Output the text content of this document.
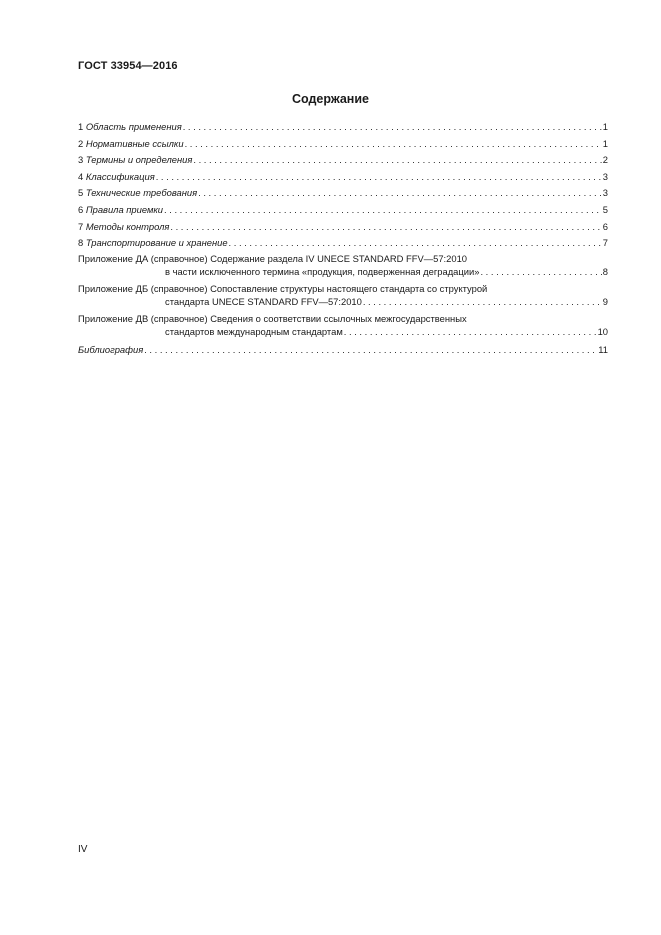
ГОСТ 33954—2016
Содержание
1 Область применения . . .	1
2 Нормативные ссылки . . .	1
3 Термины и определения . . .	2
4 Классификация . . .	3
5 Технические требования . . .	3
6 Правила приемки . . .	5
7 Методы контроля . . .	6
8 Транспортирование и хранение . . .	7
Приложение ДА (справочное) Содержание раздела IV UNECE STANDARD FFV—57:2010
в части исключенного термина «продукция, подверженная деградации» . . .	8
Приложение ДБ (справочное) Сопоставление структуры настоящего стандарта со структурой
стандарта UNECE STANDARD FFV—57:2010 . . .	9
Приложение ДВ (справочное) Сведения о соответствии ссылочных межгосударственных
стандартов международным стандартам . . .	10
Библиография . . .	11
IV
